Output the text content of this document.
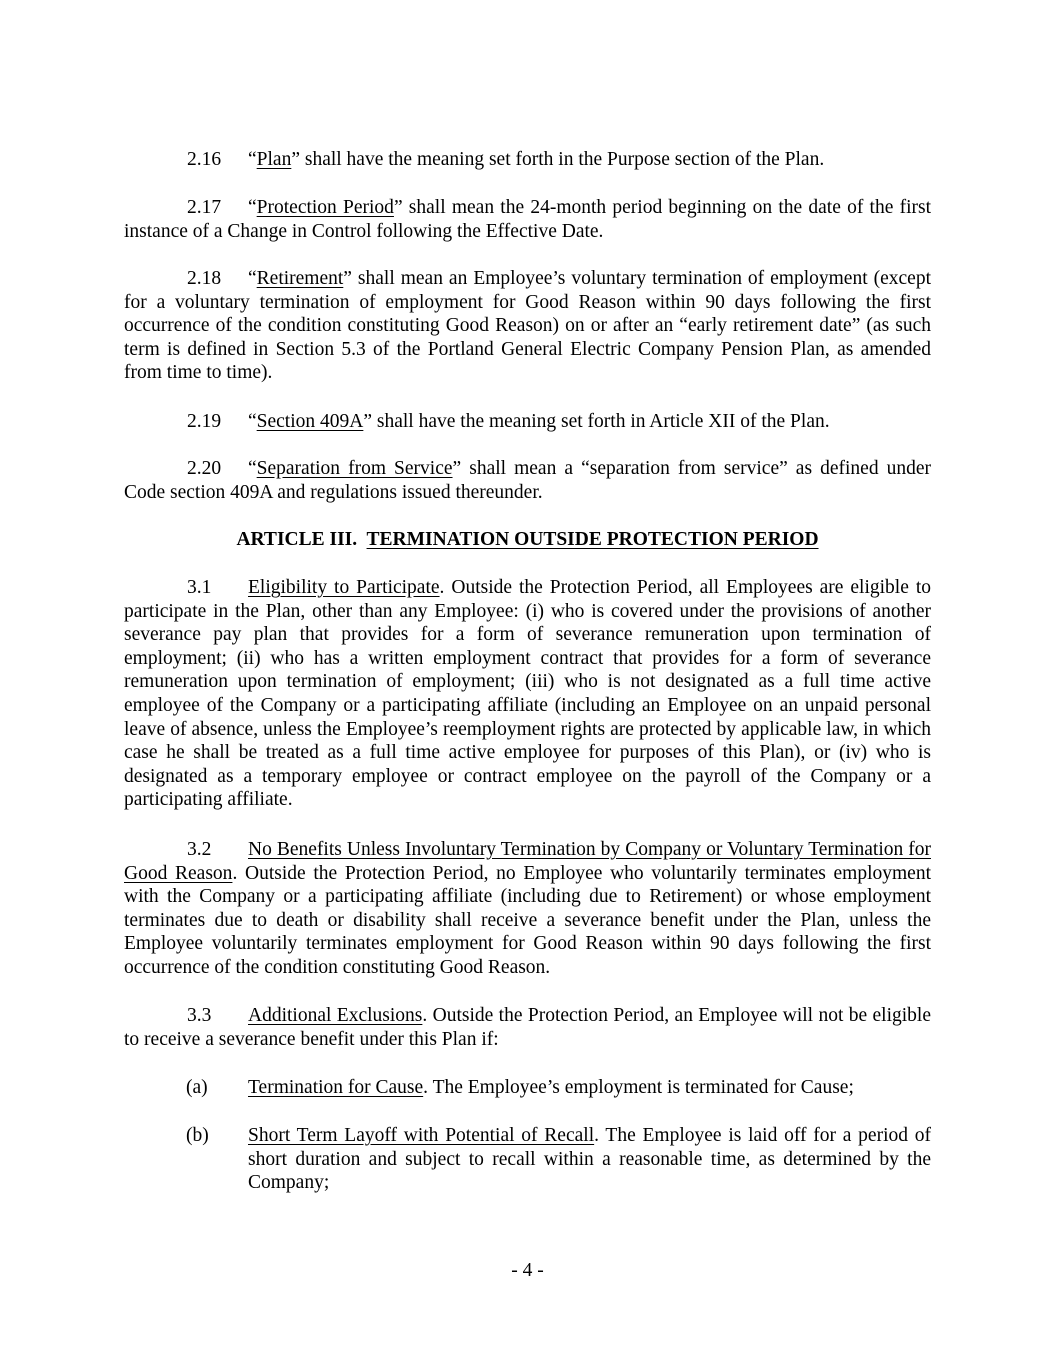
2.16 “Plan” shall have the meaning set forth in the Purpose section of the Plan.

2.17 “Protection Period” shall mean the 24-month period beginning on the date of the first instance of a Change in Control following the Effective Date.

2.18 “Retirement” shall mean an Employee’s voluntary termination of employment (except for a voluntary termination of employment for Good Reason within 90 days following the first occurrence of the condition constituting Good Reason) on or after an “early retirement date” (as such term is defined in Section 5.3 of the Portland General Electric Company Pension Plan, as amended from time to time).

2.19 “Section 409A” shall have the meaning set forth in Article XII of the Plan.

2.20 “Separation from Service” shall mean a “separation from service” as defined under Code section 409A and regulations issued thereunder.

ARTICLE III. TERMINATION OUTSIDE PROTECTION PERIOD

3.1 Eligibility to Participate. Outside the Protection Period, all Employees are eligible to participate in the Plan, other than any Employee: (i) who is covered under the provisions of another severance pay plan that provides for a form of severance remuneration upon termination of employment; (ii) who has a written employment contract that provides for a form of severance remuneration upon termination of employment; (iii) who is not designated as a full time active employee of the Company or a participating affiliate (including an Employee on an unpaid personal leave of absence, unless the Employee’s reemployment rights are protected by applicable law, in which case he shall be treated as a full time active employee for purposes of this Plan), or (iv) who is designated as a temporary employee or contract employee on the payroll of the Company or a participating affiliate.

3.2 No Benefits Unless Involuntary Termination by Company or Voluntary Termination for Good Reason. Outside the Protection Period, no Employee who voluntarily terminates employment with the Company or a participating affiliate (including due to Retirement) or whose employment terminates due to death or disability shall receive a severance benefit under the Plan, unless the Employee voluntarily terminates employment for Good Reason within 90 days following the first occurrence of the condition constituting Good Reason.

3.3 Additional Exclusions. Outside the Protection Period, an Employee will not be eligible to receive a severance benefit under this Plan if:

(a)	Termination for Cause. The Employee’s employment is terminated for Cause;

(b)	Short Term Layoff with Potential of Recall. The Employee is laid off for a period of short duration and subject to recall within a reasonable time, as determined by the Company;

- 4 -
